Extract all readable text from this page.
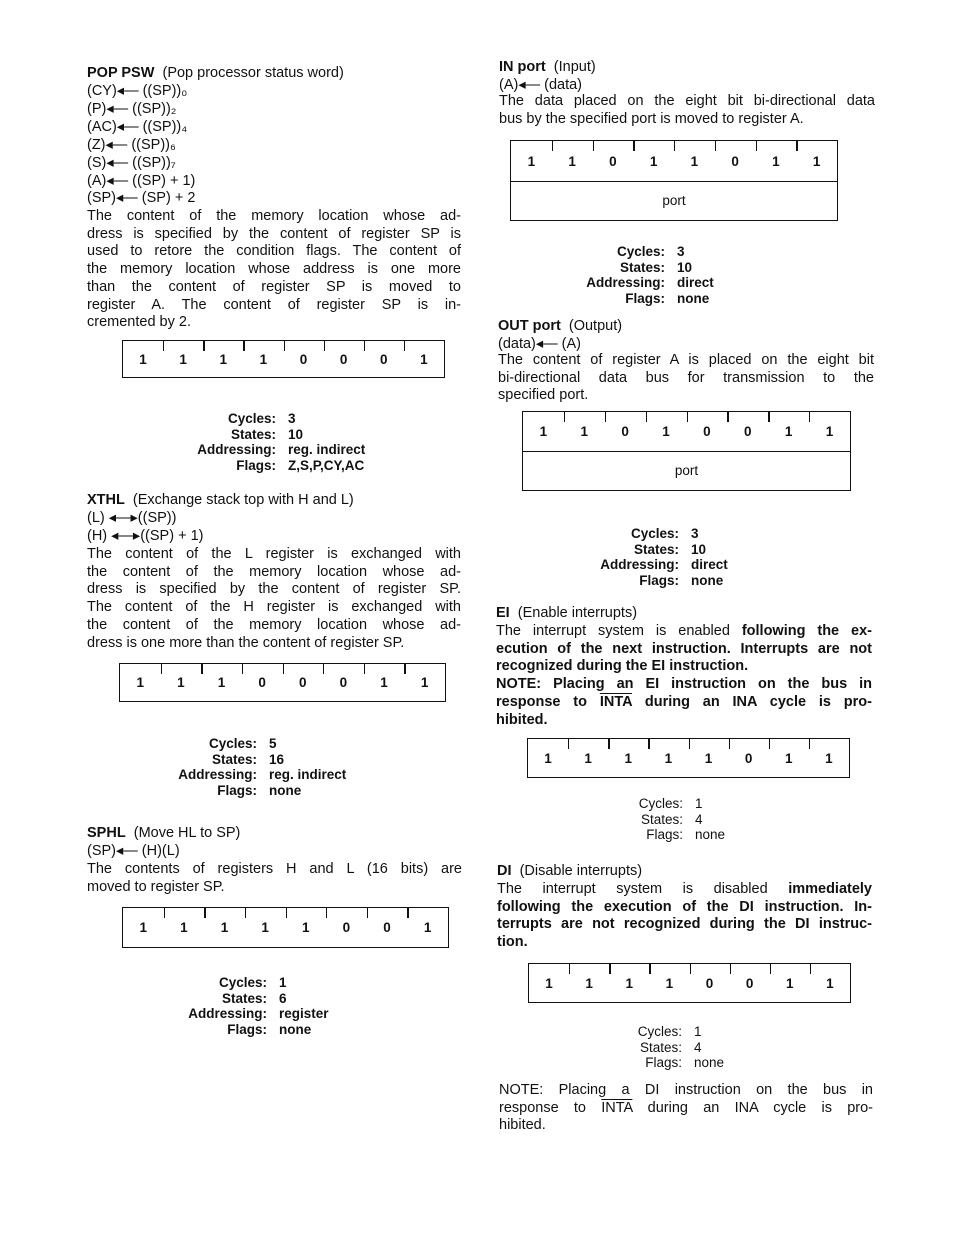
POP PSW (Pop processor status word)
(CY)◂— ((SP))₀
(P)◂— ((SP))₂
(AC)◂— ((SP))₄
(Z)◂— ((SP))₆
(S)◂— ((SP))₇
(A)◂— ((SP) + 1)
(SP)◂— (SP) + 2
The content of the memory location whose ad-
dress is specified by the content of register SP is
used to retore the condition flags. The content of
the memory location whose address is one more
than the content of register SP is moved to
register A. The content of register SP is in-
cremented by 2.
1	1	1	1	0	0	0	1
Cycles: 3
States: 10
Addressing: reg. indirect
Flags: Z,S,P,CY,AC
XTHL (Exchange stack top with H and L)
(L) ◂—▸((SP))
(H) ◂—▸((SP) + 1)
The content of the L register is exchanged with
the content of the memory location whose ad-
dress is specified by the content of register SP.
The content of the H register is exchanged with
the content of the memory location whose ad-
dress is one more than the content of register SP.
1	1	1	0	0	0	1	1
Cycles: 5
States: 16
Addressing: reg. indirect
Flags: none
SPHL (Move HL to SP)
(SP)◂— (H)(L)
The contents of registers H and L (16 bits) are
moved to register SP.
1	1	1	1	1	0	0	1
Cycles: 1
States: 6
Addressing: register
Flags: none
IN port (Input)
(A)◂— (data)
The data placed on the eight bit bi-directional data
bus by the specified port is moved to register A.
1	1	0	1	1	0	1	1
port
Cycles: 3
States: 10
Addressing: direct
Flags: none
OUT port (Output)
(data)◂— (A)
The content of register A is placed on the eight bit
bi-directional data bus for transmission to the
specified port.
1	1	0	1	0	0	1	1
port
Cycles: 3
States: 10
Addressing: direct
Flags: none
EI (Enable interrupts)
The interrupt system is enabled following the ex-
ecution of the next instruction. Interrupts are not
recognized during the EI instruction.
NOTE: Placing an EI instruction on the bus in
response to INTA during an INA cycle is pro-
hibited.
1	1	1	1	1	0	1	1
Cycles: 1
States: 4
Flags: none
DI (Disable interrupts)
The interrupt system is disabled immediately
following the execution of the DI instruction. In-
terrupts are not recognized during the DI instruc-
tion.
1	1	1	1	0	0	1	1
Cycles: 1
States: 4
Flags: none
NOTE: Placing a DI instruction on the bus in
response to INTA during an INA cycle is pro-
hibited.
